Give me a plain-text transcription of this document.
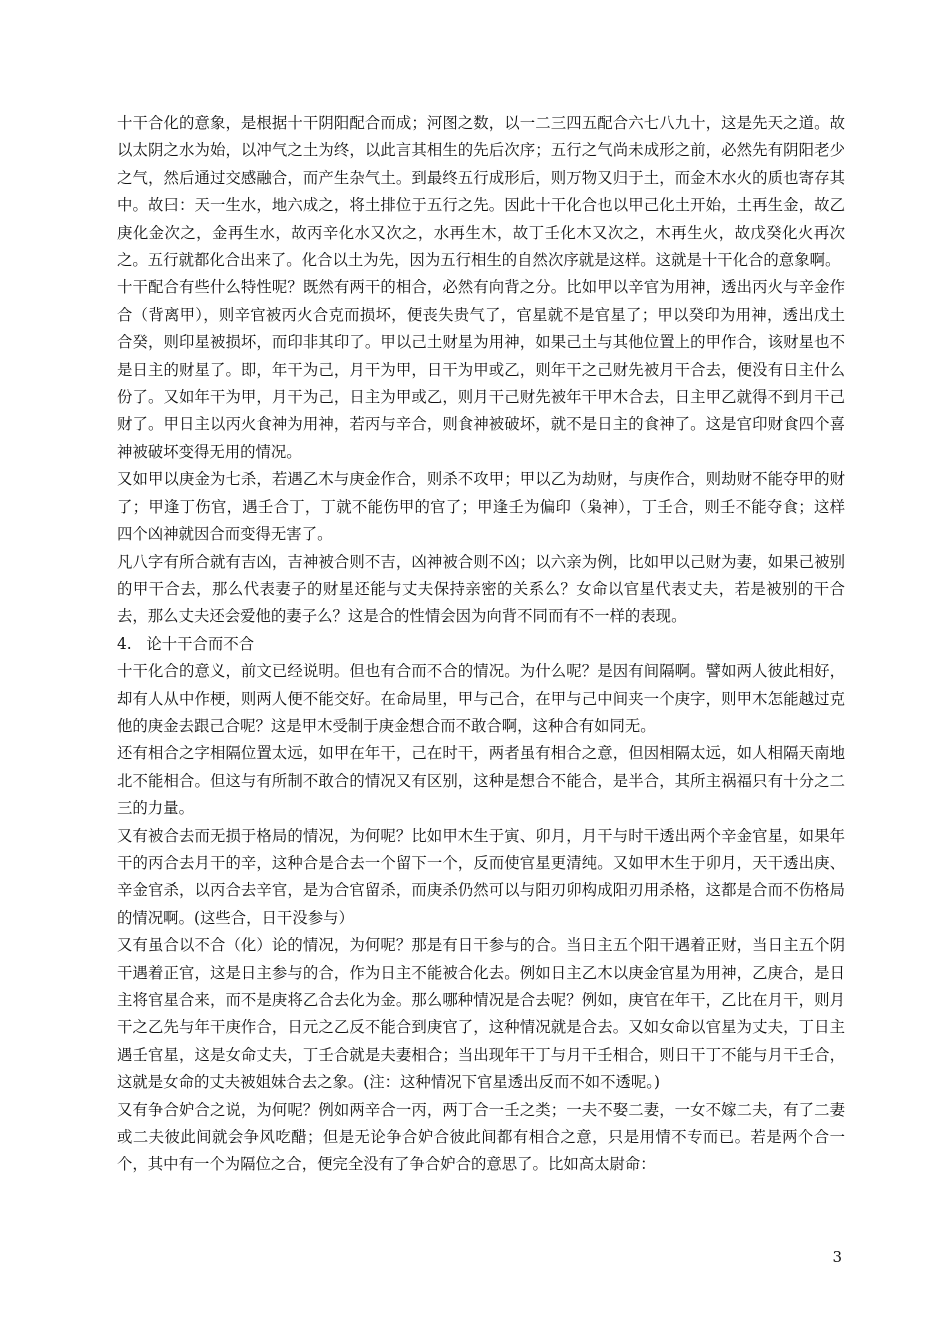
十干合化的意象，是根据十干阴阳配合而成；河图之数，以一二三四五配合六七八九十，这是先天之道。故以太阴之水为始，以冲气之土为终，以此言其相生的先后次序；五行之气尚未成形之前，必然先有阴阳老少之气，然后通过交感融合，而产生杂气土。到最终五行成形后，则万物又归于土，而金木水火的质也寄存其中。故曰：天一生水，地六成之，将土排位于五行之先。因此十干化合也以甲己化土开始，土再生金，故乙庚化金次之，金再生水，故丙辛化水又次之，水再生木，故丁壬化木又次之，木再生火，故戊癸化火再次之。五行就都化合出来了。化合以土为先，因为五行相生的自然次序就是这样。这就是十干化合的意象啊。

十干配合有些什么特性呢？既然有两干的相合，必然有向背之分。比如甲以辛官为用神，透出丙火与辛金作合（背离甲），则辛官被丙火合克而损坏，便丧失贵气了，官星就不是官星了；甲以癸印为用神，透出戊土合癸，则印星被损坏，而印非其印了。甲以己土财星为用神，如果己土与其他位置上的甲作合，该财星也不是日主的财星了。即，年干为己，月干为甲，日干为甲或乙，则年干之己财先被月干合去，便没有日主什么份了。又如年干为甲，月干为己，日主为甲或乙，则月干己财先被年干甲木合去，日主甲乙就得不到月干己财了。甲日主以丙火食神为用神，若丙与辛合，则食神被破坏，就不是日主的食神了。这是官印财食四个喜神被破坏变得无用的情况。

又如甲以庚金为七杀，若遇乙木与庚金作合，则杀不攻甲；甲以乙为劫财，与庚作合，则劫财不能夺甲的财了；甲逢丁伤官，遇壬合丁，丁就不能伤甲的官了；甲逢壬为偏印（枭神），丁壬合，则壬不能夺食；这样四个凶神就因合而变得无害了。

凡八字有所合就有吉凶，吉神被合则不吉，凶神被合则不凶；以六亲为例，比如甲以己财为妻，如果己被别的甲干合去，那么代表妻子的财星还能与丈夫保持亲密的关系么？女命以官星代表丈夫，若是被别的干合去，那么丈夫还会爱他的妻子么？这是合的性情会因为向背不同而有不一样的表现。

4.   论十干合而不合

十干化合的意义，前文已经说明。但也有合而不合的情况。为什么呢？是因有间隔啊。譬如两人彼此相好，却有人从中作梗，则两人便不能交好。在命局里，甲与己合，在甲与己中间夹一个庚字，则甲木怎能越过克他的庚金去跟己合呢？这是甲木受制于庚金想合而不敢合啊，这种合有如同无。

还有相合之字相隔位置太远，如甲在年干，己在时干，两者虽有相合之意，但因相隔太远，如人相隔天南地北不能相合。但这与有所制不敢合的情况又有区别，这种是想合不能合，是半合，其所主祸福只有十分之二三的力量。

又有被合去而无损于格局的情况，为何呢？比如甲木生于寅、卯月，月干与时干透出两个辛金官星，如果年干的丙合去月干的辛，这种合是合去一个留下一个，反而使官星更清纯。又如甲木生于卯月，天干透出庚、辛金官杀，以丙合去辛官，是为合官留杀，而庚杀仍然可以与阳刃卯构成阳刃用杀格，这都是合而不伤格局的情况啊。(这些合，日干没参与）

又有虽合以不合（化）论的情况，为何呢？那是有日干参与的合。当日主五个阳干遇着正财，当日主五个阴干遇着正官，这是日主参与的合，作为日主不能被合化去。例如日主乙木以庚金官星为用神，乙庚合，是日主将官星合来，而不是庚将乙合去化为金。那么哪种情况是合去呢？例如，庚官在年干，乙比在月干，则月干之乙先与年干庚作合，日元之乙反不能合到庚官了，这种情况就是合去。又如女命以官星为丈夫，丁日主遇壬官星，这是女命丈夫，丁壬合就是夫妻相合；当出现年干丁与月干壬相合，则日干丁不能与月干壬合，这就是女命的丈夫被姐妹合去之象。(注：这种情况下官星透出反而不如不透呢。)

又有争合妒合之说，为何呢？例如两辛合一丙，两丁合一壬之类；一夫不娶二妻，一女不嫁二夫，有了二妻或二夫彼此间就会争风吃醋；但是无论争合妒合彼此间都有相合之意，只是用情不专而已。若是两个合一个，其中有一个为隔位之合，便完全没有了争合妒合的意思了。比如高太尉命：

3
